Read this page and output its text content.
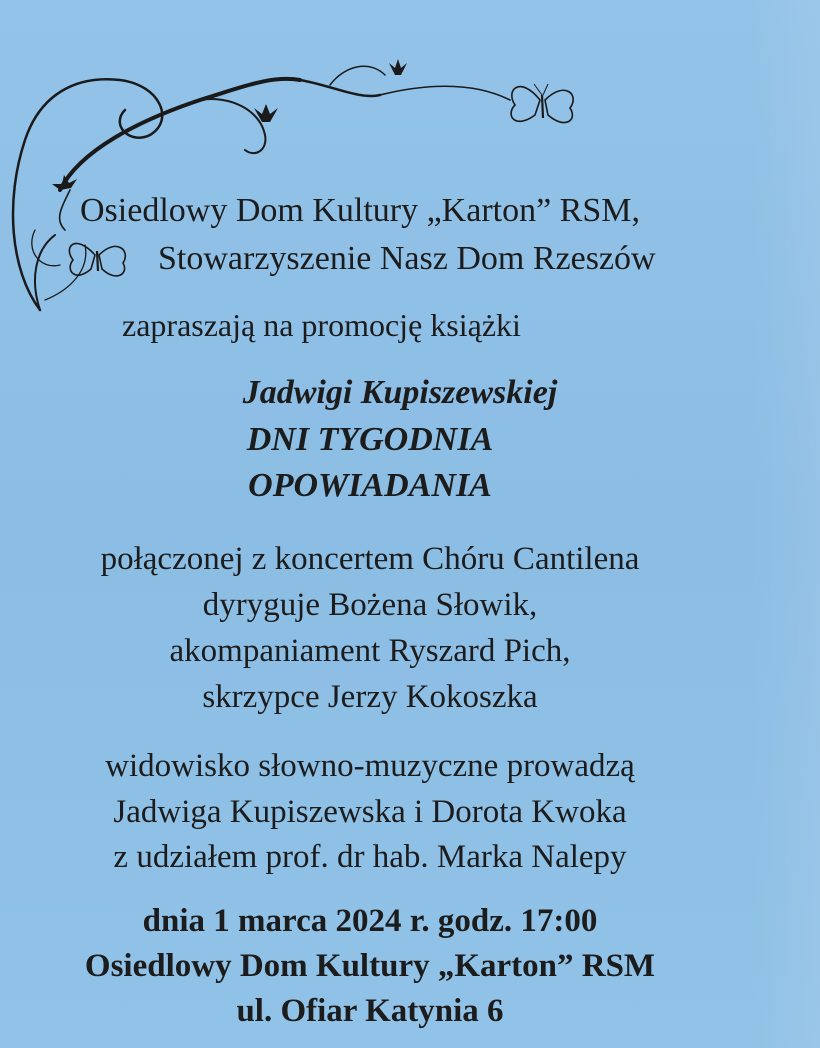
Osiedlowy Dom Kultury „Karton” RSM,
Stowarzyszenie Nasz Dom Rzeszów
zapraszają na promocję książki
Jadwigi Kupiszewskiej
DNI TYGODNIA
OPOWIADANIA
połączonej z koncertem Chóru Cantilena
dyryguje Bożena Słowik,
akompaniament Ryszard Pich,
skrzypce Jerzy Kokoszka
widowisko słowno-muzyczne prowadzą
Jadwiga Kupiszewska i Dorota Kwoka
z udziałem prof. dr hab. Marka Nalepy
dnia 1 marca 2024 r. godz. 17:00
Osiedlowy Dom Kultury „Karton” RSM
ul. Ofiar Katynia 6
